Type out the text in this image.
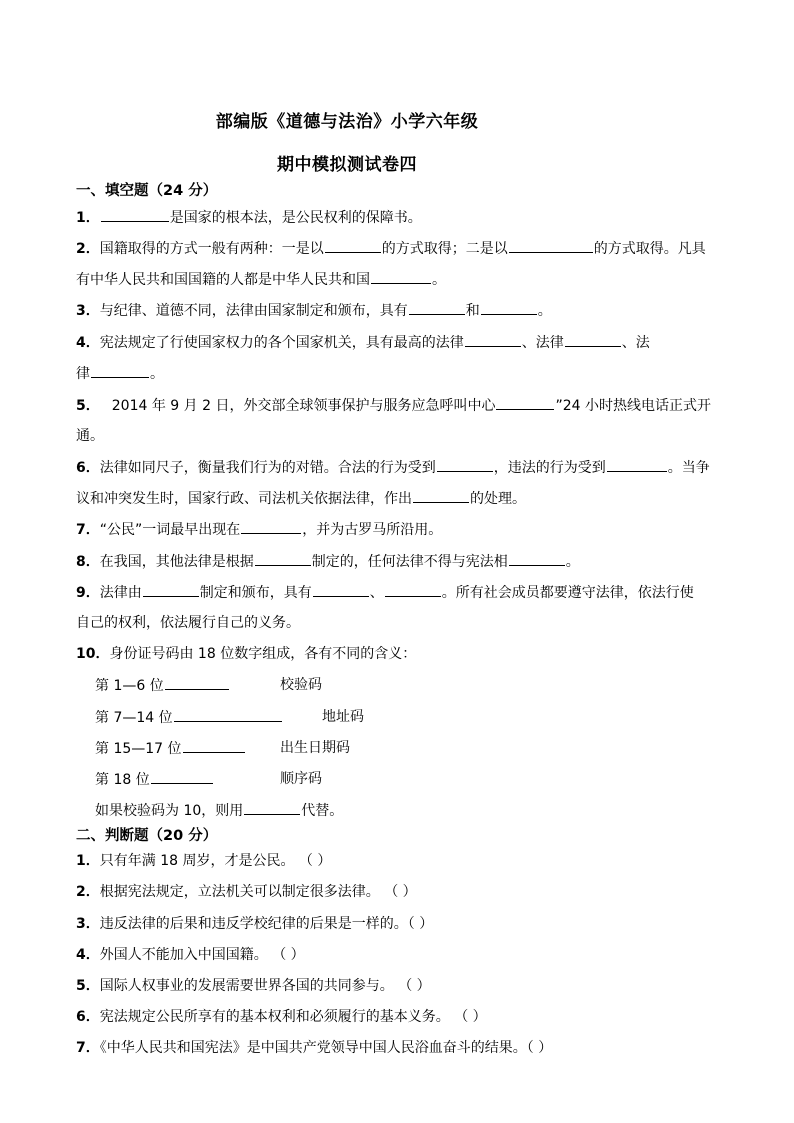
部编版《道德与法治》小学六年级
期中模拟测试卷四
一、填空题（24 分）
1．	是国家的根本法，是公民权利的保障书。
2．国籍取得的方式一般有两种：一是以	的方式取得；二是以	的方式取得。凡具
有中华人民共和国国籍的人都是中华人民共和国	。
3．与纪律、道德不同，法律由国家制定和颁布，具有	和	。
4．宪法规定了行使国家权力的各个国家机关，具有最高的法律	、法律	、法
律	。
5． 2014 年 9 月 2 日，外交部全球领事保护与服务应急呼叫中心	”24 小时热线电话正式开
通。
6．法律如同尺子，衡量我们行为的对错。合法的行为受到	，违法的行为受到	。当争
议和冲突发生时，国家行政、司法机关依据法律，作出	的处理。
7．“公民”一词最早出现在	，并为古罗马所沿用。
8．在我国，其他法律是根据	制定的，任何法律不得与宪法相	。
9．法律由	制定和颁布，具有	、	。所有社会成员都要遵守法律，依法行使
自己的权利，依法履行自己的义务。
10．身份证号码由 18 位数字组成，各有不同的含义：
第 1—6 位	校验码
第 7—14 位	地址码
第 15—17 位	出生日期码
第 18 位	顺序码
如果校验码为 10，则用	代替。
二、判断题（20 分）
1．只有年满 18 周岁，才是公民。 （ ）
2．根据宪法规定，立法机关可以制定很多法律。 （ ）
3．违反法律的后果和违反学校纪律的后果是一样的。（ ）
4．外国人不能加入中国国籍。 （ ）
5．国际人权事业的发展需要世界各国的共同参与。 （ ）
6．宪法规定公民所享有的基本权利和必须履行的基本义务。 （ ）
7．《中华人民共和国宪法》是中国共产党领导中国人民浴血奋斗的结果。（ ）
